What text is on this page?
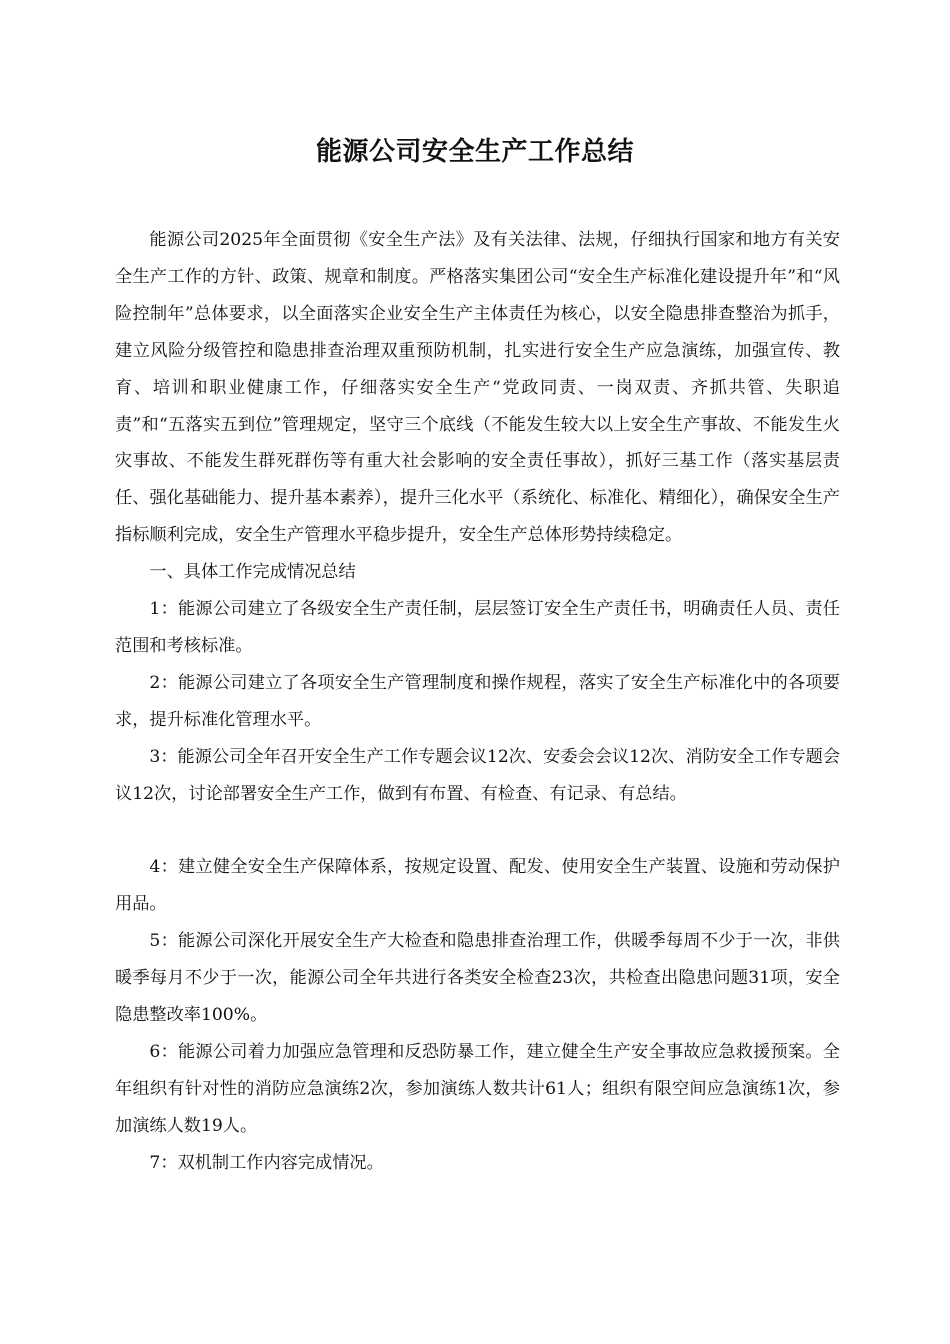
能源公司安全生产工作总结

能源公司2025年全面贯彻《安全生产法》及有关法律、法规，仔细执行国家和地方有关安全生产工作的方针、政策、规章和制度。严格落实集团公司“安全生产标准化建设提升年”和“风险控制年”总体要求，以全面落实企业安全生产主体责任为核心，以安全隐患排查整治为抓手，建立风险分级管控和隐患排查治理双重预防机制，扎实进行安全生产应急演练，加强宣传、教育、培训和职业健康工作，仔细落实安全生产“党政同责、一岗双责、齐抓共管、失职追责”和“五落实五到位”管理规定，坚守三个底线（不能发生较大以上安全生产事故、不能发生火灾事故、不能发生群死群伤等有重大社会影响的安全责任事故），抓好三基工作（落实基层责任、强化基础能力、提升基本素养），提升三化水平（系统化、标准化、精细化），确保安全生产指标顺利完成，安全生产管理水平稳步提升，安全生产总体形势持续稳定。

一、具体工作完成情况总结

1：能源公司建立了各级安全生产责任制，层层签订安全生产责任书，明确责任人员、责任范围和考核标准。

2：能源公司建立了各项安全生产管理制度和操作规程，落实了安全生产标准化中的各项要求，提升标准化管理水平。

3：能源公司全年召开安全生产工作专题会议12次、安委会会议12次、消防安全工作专题会议12次，讨论部署安全生产工作，做到有布置、有检查、有记录、有总结。

4：建立健全安全生产保障体系，按规定设置、配发、使用安全生产装置、设施和劳动保护用品。

5：能源公司深化开展安全生产大检查和隐患排查治理工作，供暖季每周不少于一次，非供暖季每月不少于一次，能源公司全年共进行各类安全检查23次，共检查出隐患问题31项，安全隐患整改率100%。

6：能源公司着力加强应急管理和反恐防暴工作，建立健全生产安全事故应急救援预案。全年组织有针对性的消防应急演练2次，参加演练人数共计61人；组织有限空间应急演练1次，参加演练人数19人。

7：双机制工作内容完成情况。
